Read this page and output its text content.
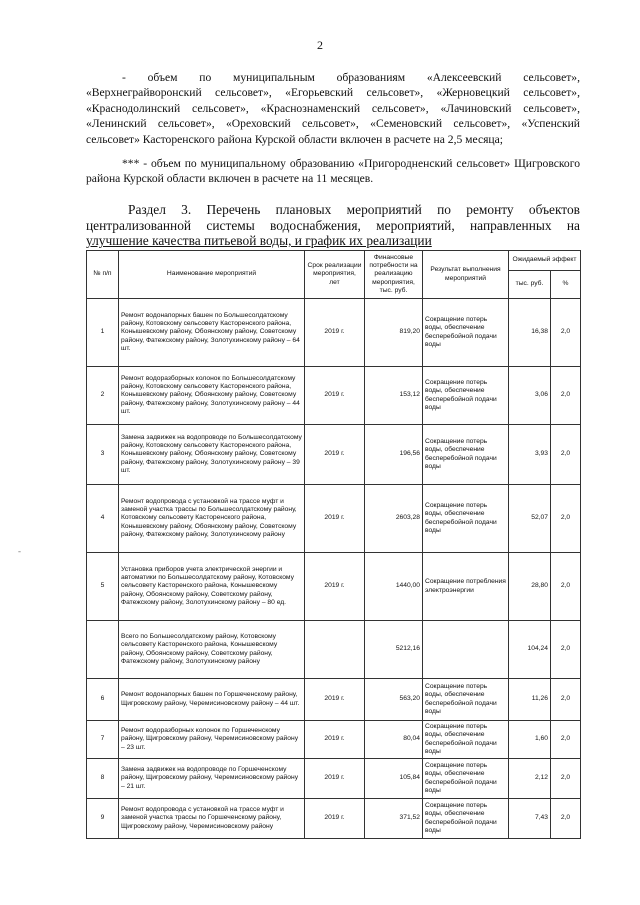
2

- объем по муниципальным образованиям «Алексеевский сельсовет», «Верхнегрaйворонский сельсовет», «Егорьевский сельсовет», «Жерновецкий сельсовет», «Краснодолинский сельсовет», «Краснознаменский сельсовет», «Лачиновский сельсовет», «Ленинский сельсовет», «Ореховский сельсовет», «Семеновский сельсовет», «Успенский сельсовет» Касторенского района Курской области включен в расчете на 2,5 месяца;

*** - объем по муниципальному образованию «Пригородненский сельсовет» Щигровского района Курской области включен в расчете на 11 месяцев.

Раздел 3. Перечень плановых мероприятий по ремонту объектов централизованной системы водоснабжения, мероприятий, направленных на улучшение качества питьевой воды, и график их реализации

-
№ п/п	Наименование мероприятий	Срок реализации мероприятия, лет	Финансовые потребности на реализацию мероприятия, тыс. руб.	Результат выполнения мероприятий	Ожидаемый эффект	
					тыс. руб.	%
1	Ремонт водонапорных башен по Большесолдатскому району, Котовскому сельсовету Касторенского района, Конышевскому району, Обоянскому району, Советскому району, Фатежскому району, Золотухинскому району – 64 шт.	2019 г.	819,20	Сокращение потерь воды, обеспечение бесперебойной подачи воды	16,38	2,0
2	Ремонт водоразборных колонок по Большесолдатскому району, Котовскому сельсовету Касторенского района, Конышевскому району, Обоянскому району, Советскому району, Фатежскому району, Золотухинскому району – 44 шт.	2019 г.	153,12	Сокращение потерь воды, обеспечение бесперебойной подачи воды	3,06	2,0
3	Замена задвижек на водопроводе по Большесолдатскому району, Котовскому сельсовету Касторенского района, Конышевскому району, Обоянскому району, Советскому району, Фатежскому району, Золотухинскому району – 39 шт.	2019 г.	196,56	Сокращение потерь воды, обеспечение бесперебойной подачи воды	3,93	2,0
4	Ремонт водопровода с установкой на трассе муфт и заменой участка трассы по Большесолдатскому району, Котовскому сельсовету Касторенского района, Конышевскому району, Обоянскому району, Советскому району, Фатежскому району, Золотухинскому району	2019 г.	2603,28	Сокращение потерь воды, обеспечение бесперебойной подачи воды	52,07	2,0
5	Установка приборов учета электрической энергии и автоматики по Большесолдатскому району, Котовскому сельсовету Касторенского района, Конышевскому району, Обоянскому району, Советскому району, Фатежскому району, Золотухинскому району – 80 ед.	2019 г.	1440,00	Сокращение потребления электроэнергии	28,80	2,0
	Всего по Большесолдатскому району, Котовскому сельсовету Касторенского района, Конышевскому району, Обоянскому району, Советскому району, Фатежскому району, Золотухинскому району		5212,16		104,24	2,0
6	Ремонт водонапорных башен по Горшеченскому району, Щигровскому району, Черемисиновскому району – 44 шт.	2019 г.	563,20	Сокращение потерь воды, обеспечение бесперебойной подачи воды	11,26	2,0
7	Ремонт водоразборных колонок по Горшеченскому району, Щигровскому району, Черемисиновскому району – 23 шт.	2019 г.	80,04	Сокращение потерь воды, обеспечение бесперебойной подачи воды	1,60	2,0
8	Замена задвижек на водопроводе по Горшеченскому району, Щигровскому району, Черемисиновскому району – 21 шт.	2019 г.	105,84	Сокращение потерь воды, обеспечение бесперебойной подачи воды	2,12	2,0
9	Ремонт водопровода с установкой на трассе муфт и заменой участка трассы по Горшеченскому району, Щигровскому району, Черемисиновскому району	2019 г.	371,52	Сокращение потерь воды, обеспечение бесперебойной подачи воды	7,43	2,0
